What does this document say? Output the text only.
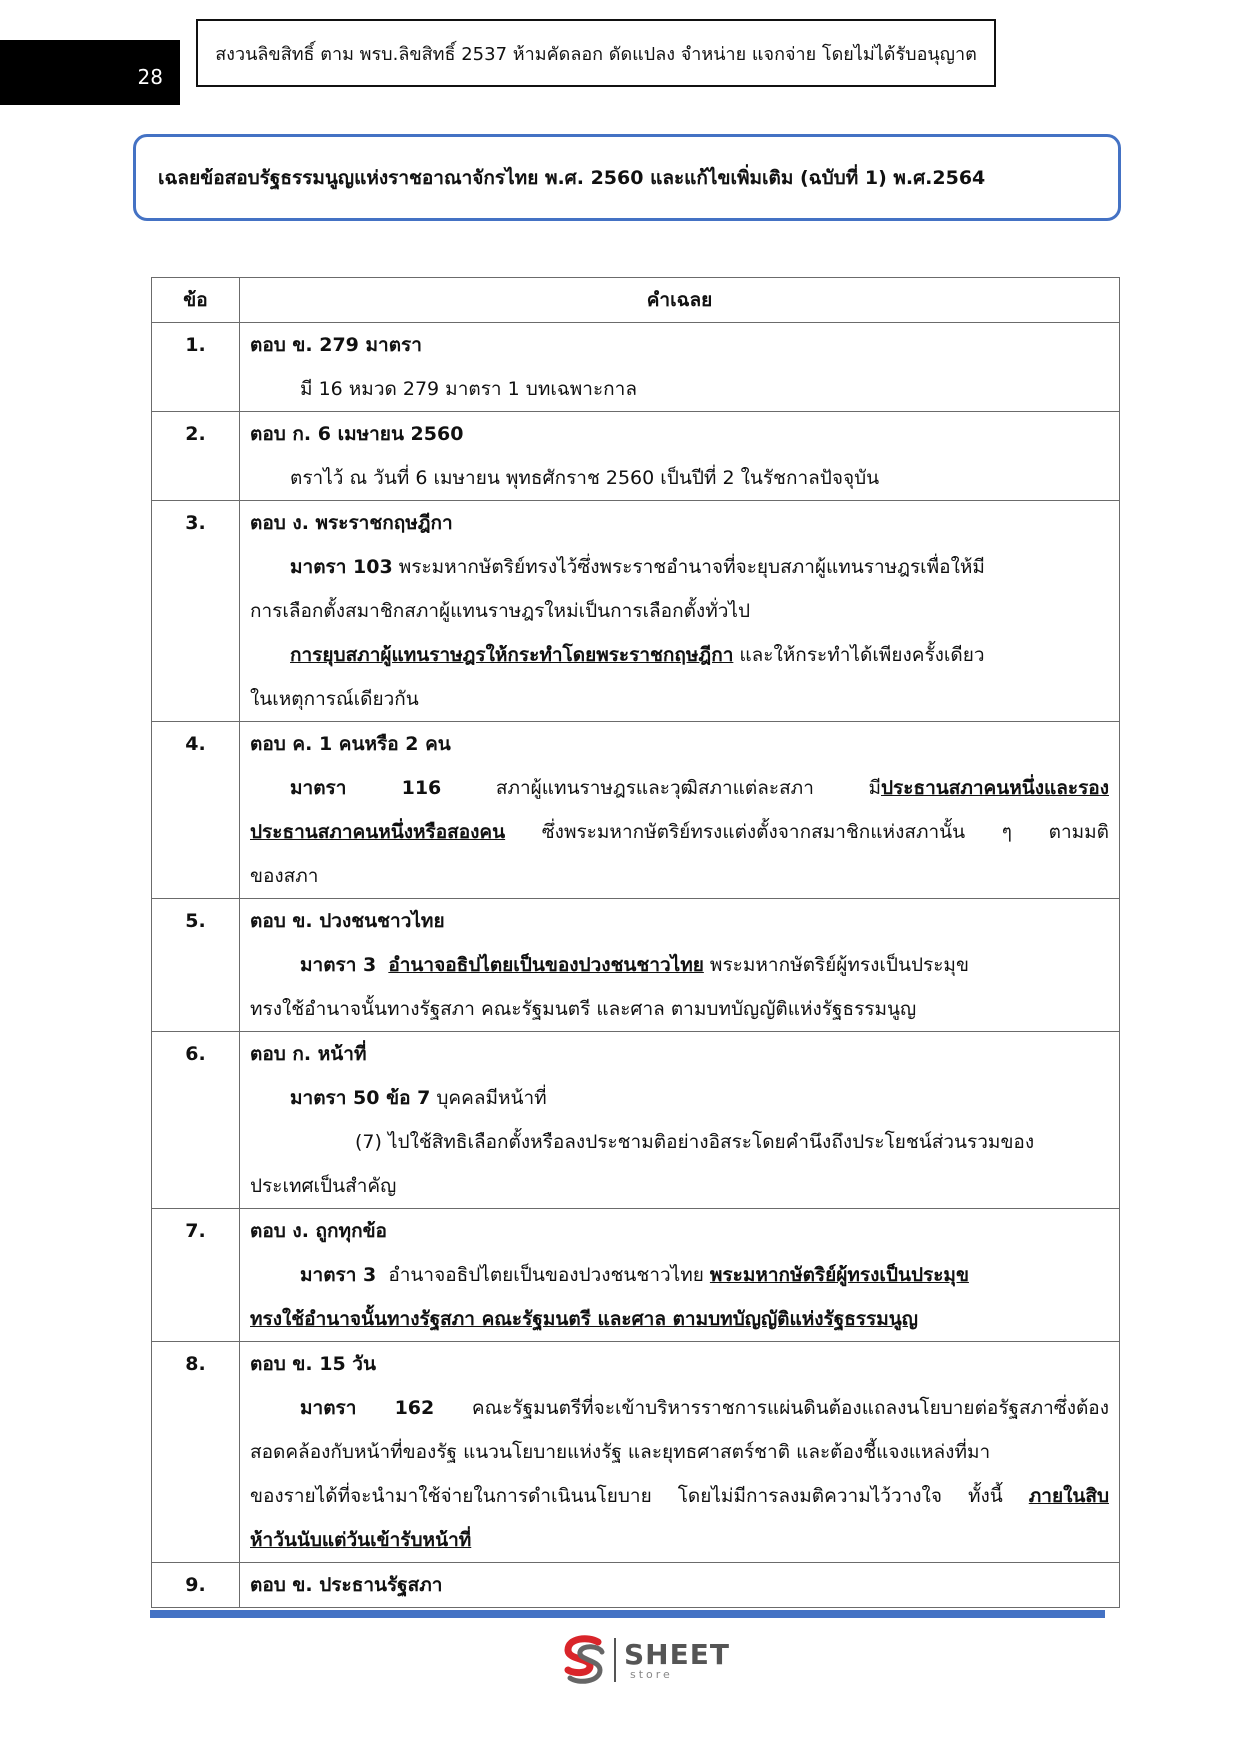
28
สงวนลิขสิทธิ์ ตาม พรบ.ลิขสิทธิ์ 2537 ห้ามคัดลอก ดัดแปลง จำหน่าย แจกจ่าย โดยไม่ได้รับอนุญาต
เฉลยข้อสอบรัฐธรรมนูญแห่งราชอาณาจักรไทย พ.ศ. 2560 และแก้ไขเพิ่มเติม (ฉบับที่ 1) พ.ศ.2564
ข้อ	คำเฉลย
1.	ตอบ ข. 279 มาตรา
มี 16 หมวด 279 มาตรา 1 บทเฉพาะกาล

2.	ตอบ ก. 6 เมษายน 2560
ตราไว้ ณ วันที่ 6 เมษายน พุทธศักราช 2560 เป็นปีที่ 2 ในรัชกาลปัจจุบัน

3.	ตอบ ง. พระราชกฤษฎีกา
มาตรา 103 พระมหากษัตริย์ทรงไว้ซึ่งพระราชอำนาจที่จะยุบสภาผู้แทนราษฎรเพื่อให้มี
การเลือกตั้งสมาชิกสภาผู้แทนราษฎรใหม่เป็นการเลือกตั้งทั่วไป
การยุบสภาผู้แทนราษฎรให้กระทำโดยพระราชกฤษฎีกา และให้กระทำได้เพียงครั้งเดียว
ในเหตุการณ์เดียวกัน

4.	ตอบ ค. 1 คนหรือ 2 คน
มาตรา 116 สภาผู้แทนราษฎรและวุฒิสภาแต่ละสภา มีประธานสภาคนหนึ่งและรอง
ประธานสภาคนหนึ่งหรือสองคน ซึ่งพระมหากษัตริย์ทรงแต่งตั้งจากสมาชิกแห่งสภานั้น ๆ ตามมติ
ของสภา

5.	ตอบ ข. ปวงชนชาวไทย
มาตรา 3 อำนาจอธิปไตยเป็นของปวงชนชาวไทย พระมหากษัตริย์ผู้ทรงเป็นประมุข
ทรงใช้อำนาจนั้นทางรัฐสภา คณะรัฐมนตรี และศาล ตามบทบัญญัติแห่งรัฐธรรมนูญ

6.	ตอบ ก. หน้าที่
มาตรา 50 ข้อ 7 บุคคลมีหน้าที่
(7) ไปใช้สิทธิเลือกตั้งหรือลงประชามติอย่างอิสระโดยคำนึงถึงประโยชน์ส่วนรวมของ
ประเทศเป็นสำคัญ

7.	ตอบ ง. ถูกทุกข้อ
มาตรา 3 อำนาจอธิปไตยเป็นของปวงชนชาวไทย พระมหากษัตริย์ผู้ทรงเป็นประมุข
ทรงใช้อำนาจนั้นทางรัฐสภา คณะรัฐมนตรี และศาล ตามบทบัญญัติแห่งรัฐธรรมนูญ

8.	ตอบ ข. 15 วัน
มาตรา 162 คณะรัฐมนตรีที่จะเข้าบริหารราชการแผ่นดินต้องแถลงนโยบายต่อรัฐสภาซึ่งต้อง
สอดคล้องกับหน้าที่ของรัฐ แนวนโยบายแห่งรัฐ และยุทธศาสตร์ชาติ และต้องชี้แจงแหล่งที่มา
ของรายได้ที่จะนำมาใช้จ่ายในการดำเนินนโยบาย โดยไม่มีการลงมติความไว้วางใจ ทั้งนี้ ภายในสิบ
ห้าวันนับแต่วันเข้ารับหน้าที่

9.	ตอบ ข. ประธานรัฐสภา
SHEET
store
